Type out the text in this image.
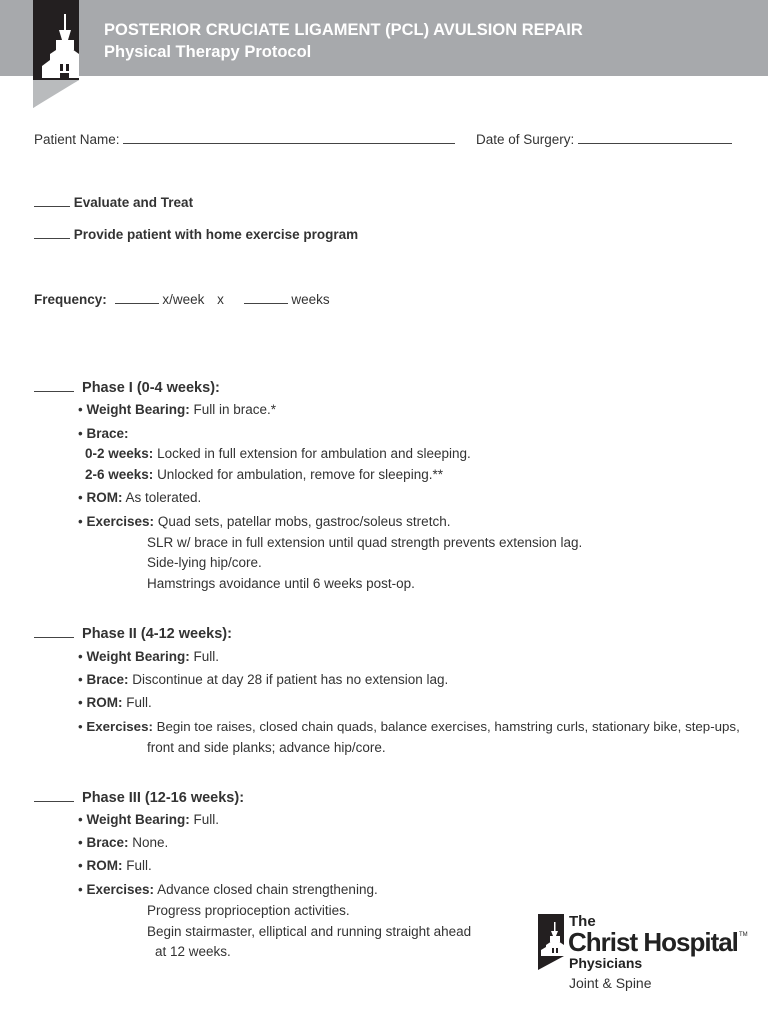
POSTERIOR CRUCIATE LIGAMENT (PCL) AVULSION REPAIR
Physical Therapy Protocol
Patient Name:	Date of Surgery:
Evaluate and Treat
Provide patient with home exercise program
Frequency:	x/week x	weeks
Phase I (0-4 weeks):
• Weight Bearing: Full in brace.*
• Brace:
0-2 weeks: Locked in full extension for ambulation and sleeping.
2-6 weeks: Unlocked for ambulation, remove for sleeping.**
• ROM: As tolerated.
• Exercises: Quad sets, patellar mobs, gastroc/soleus stretch.
SLR w/ brace in full extension until quad strength prevents extension lag.
Side-lying hip/core.
Hamstrings avoidance until 6 weeks post-op.
Phase II (4-12 weeks):
• Weight Bearing: Full.
• Brace: Discontinue at day 28 if patient has no extension lag.
• ROM: Full.
• Exercises: Begin toe raises, closed chain quads, balance exercises, hamstring curls, stationary bike, step-ups,
front and side planks; advance hip/core.
Phase III (12-16 weeks):
• Weight Bearing: Full.
• Brace: None.
• ROM: Full.
• Exercises: Advance closed chain strengthening.
Progress proprioception activities.
Begin stairmaster, elliptical and running straight ahead
at 12 weeks.
The
Christ Hospital TM
Physicians
Joint & Spine
